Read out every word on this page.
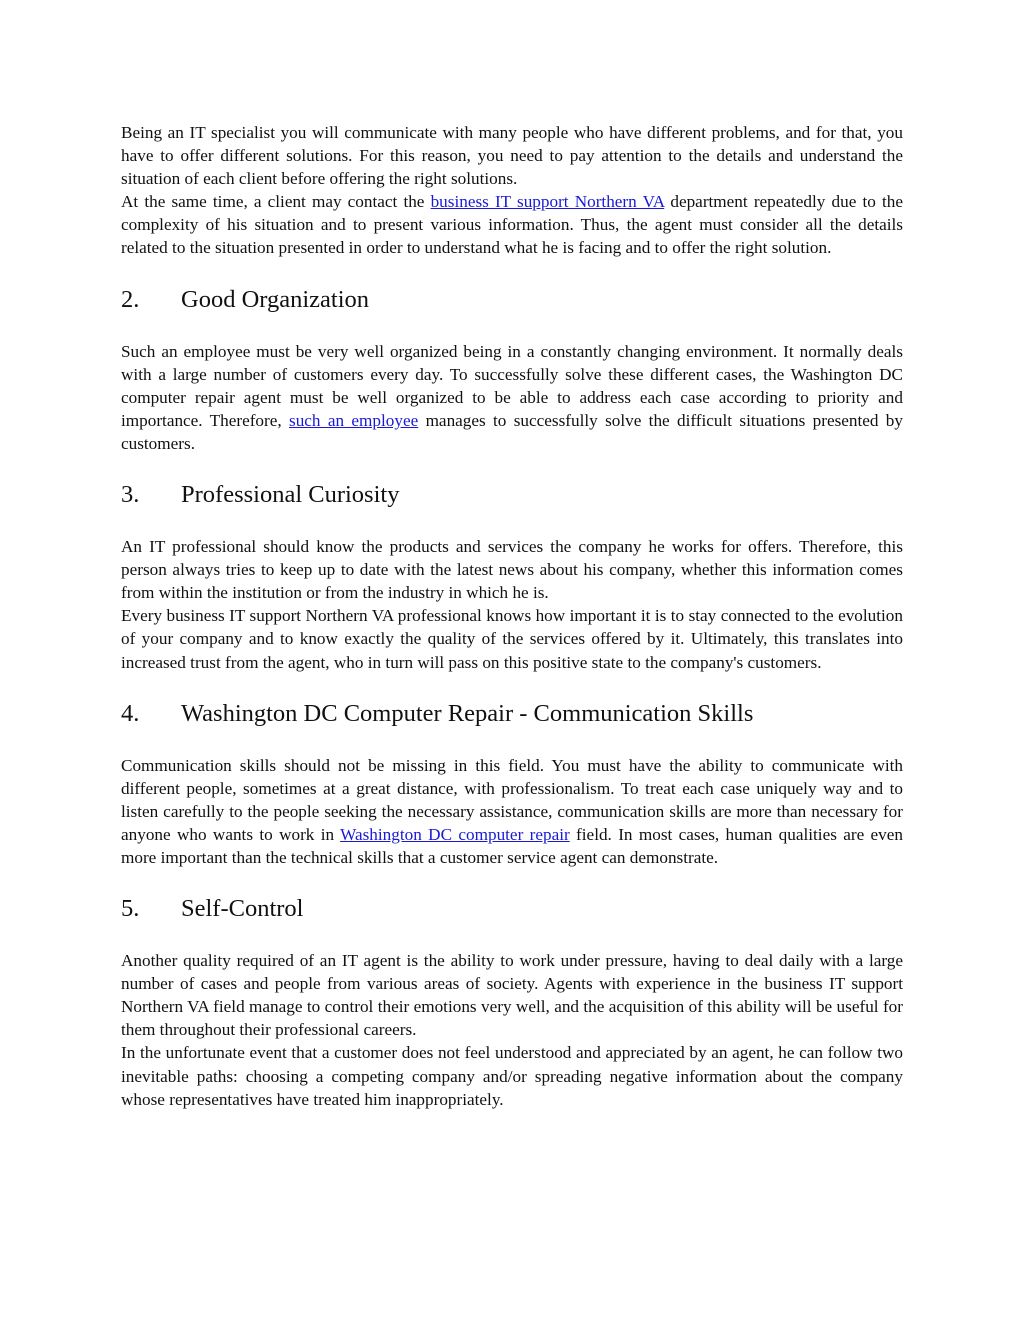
Being an IT specialist you will communicate with many people who have different problems, and for that, you have to offer different solutions. For this reason, you need to pay attention to the details and understand the situation of each client before offering the right solutions.

At the same time, a client may contact the business IT support Northern VA department repeatedly due to the complexity of his situation and to present various information. Thus, the agent must consider all the details related to the situation presented in order to understand what he is facing and to offer the right solution.

2.	Good Organization

Such an employee must be very well organized being in a constantly changing environment. It normally deals with a large number of customers every day. To successfully solve these different cases, the Washington DC computer repair agent must be well organized to be able to address each case according to priority and importance. Therefore, such an employee manages to successfully solve the difficult situations presented by customers.

3.	Professional Curiosity

An IT professional should know the products and services the company he works for offers. Therefore, this person always tries to keep up to date with the latest news about his company, whether this information comes from within the institution or from the industry in which he is.

Every business IT support Northern VA professional knows how important it is to stay connected to the evolution of your company and to know exactly the quality of the services offered by it. Ultimately, this translates into increased trust from the agent, who in turn will pass on this positive state to the company's customers.

4.	Washington DC Computer Repair - Communication Skills

Communication skills should not be missing in this field. You must have the ability to communicate with different people, sometimes at a great distance, with professionalism. To treat each case uniquely way and to listen carefully to the people seeking the necessary assistance, communication skills are more than necessary for anyone who wants to work in Washington DC computer repair field. In most cases, human qualities are even more important than the technical skills that a customer service agent can demonstrate.

5.	Self-Control

Another quality required of an IT agent is the ability to work under pressure, having to deal daily with a large number of cases and people from various areas of society. Agents with experience in the business IT support Northern VA field manage to control their emotions very well, and the acquisition of this ability will be useful for them throughout their professional careers.

In the unfortunate event that a customer does not feel understood and appreciated by an agent, he can follow two inevitable paths: choosing a competing company and/or spreading negative information about the company whose representatives have treated him inappropriately.
